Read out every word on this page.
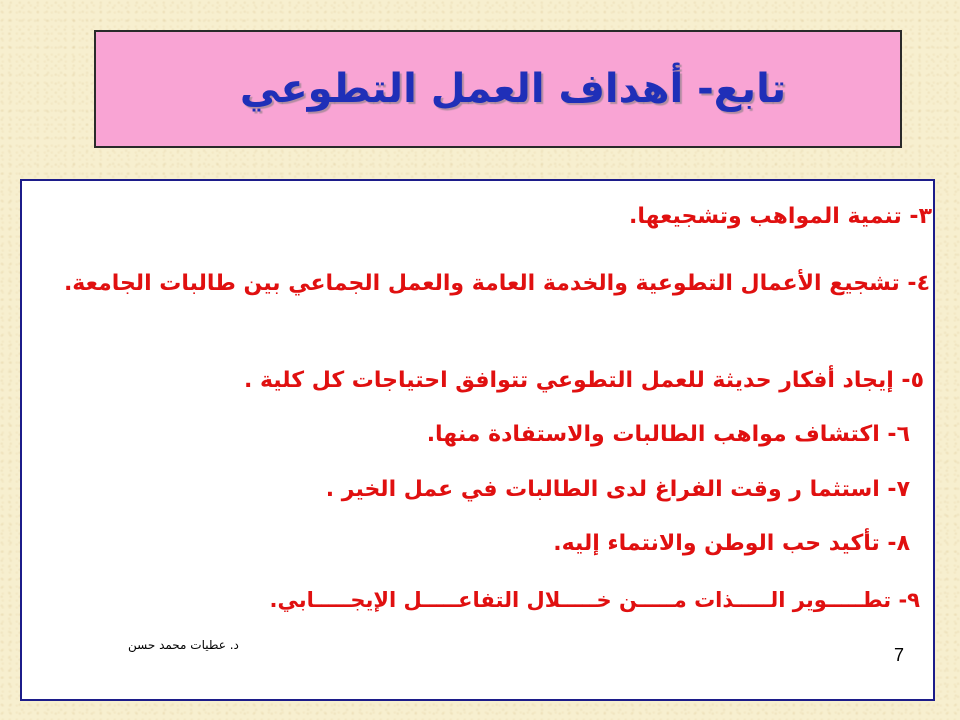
تابع- أهداف العمل التطوعي
٣- تنمية المواهب وتشجيعها.
٤- تشجيع الأعمال التطوعية والخدمة العامة والعمل الجماعي بين طالبات الجامعة.
٥- إيجاد أفكار حديثة للعمل التطوعي تتوافق احتياجات كل كلية .
٦- اكتشاف مواهب الطالبات والاستفادة منها.
٧- استثما ر وقت الفراغ لدى الطالبات في عمل الخير .
٨- تأكيد حب الوطن والانتماء إليه.
٩- تطـــــوير الـــــذات مـــــن خـــــلال التفاعـــــل الإيجـــــابي.
د. عطيات محمد حسن	7
